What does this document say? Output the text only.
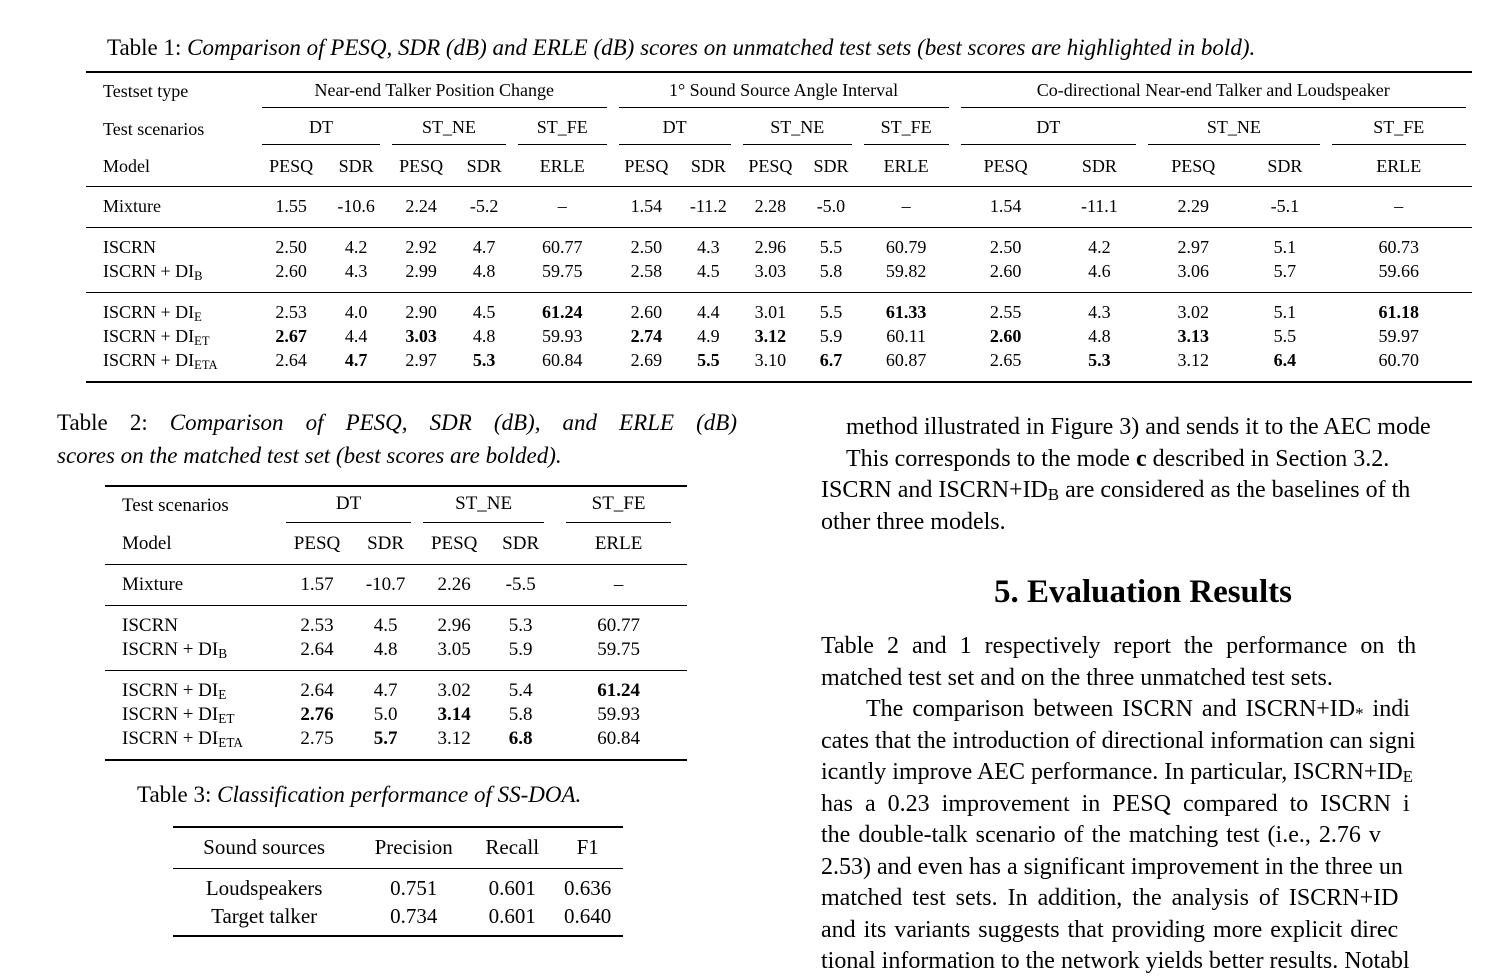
Table 1: Comparison of PESQ, SDR (dB) and ERLE (dB) scores on unmatched test sets (best scores are highlighted in bold).
Testset type	Near-end Talker Position Change					1° Sound Source Angle Interval					Co-directional Near-end Talker and Loudspeaker				

Test scenarios	DT		ST_NE		ST_FE	DT		ST_NE		ST_FE	DT		ST_NE		ST_FE

Model	PESQ	SDR	PESQ	SDR	ERLE	PESQ	SDR	PESQ	SDR	ERLE	PESQ	SDR	PESQ	SDR	ERLE

Mixture	1.55	-10.6	2.24	-5.2	–	1.54	-11.2	2.28	-5.0	–	1.54	-11.1	2.29	-5.1	–

ISCRN	2.50	4.2	2.92	4.7	60.77	2.50	4.3	2.96	5.5	60.79	2.50	4.2	2.97	5.1	60.73
ISCRN + $DI_B$	2.60	4.3	2.99	4.8	59.75	2.58	4.5	3.03	5.8	59.82	2.60	4.6	3.06	5.7	59.66

ISCRN + $DI_E$	2.53	4.0	2.90	4.5	61.24	2.60	4.4	3.01	5.5	61.33	2.55	4.3	3.02	5.1	61.18
ISCRN + $DI_{ET}$	2.67	4.4	3.03	4.8	59.93	2.74	4.9	3.12	5.9	60.11	2.60	4.8	3.13	5.5	59.97
ISCRN + $DI_{ETA}$	2.64	4.7	2.97	5.3	60.84	2.69	5.5	3.10	6.7	60.87	2.65	5.3	3.12	6.4	60.70

Table 2: Comparison of PESQ, SDR (dB), and ERLE (dB)
scores on the matched test set (best scores are bolded).
Test scenarios	DT		ST_NE		ST_FE

Model	PESQ	SDR	PESQ	SDR	ERLE

Mixture	1.57	-10.7	2.26	-5.5	–

ISCRN	2.53	4.5	2.96	5.3	60.77
ISCRN + $DI_B$	2.64	4.8	3.05	5.9	59.75

ISCRN + $DI_E$	2.64	4.7	3.02	5.4	61.24
ISCRN + $DI_{ET}$	2.76	5.0	3.14	5.8	59.93
ISCRN + $DI_{ETA}$	2.75	5.7	3.12	6.8	60.84

Table 3: Classification performance of SS-DOA.
Sound sources	Precision	Recall	F1

Loudspeakers	0.751	0.601	0.636
Target talker	0.734	0.601	0.640

method illustrated in Figure 3) and sends it to the AEC mode
This corresponds to the mode c described in Section 3.2.
ISCRN and $ISCRN+ID_B$ are considered as the baselines of th
other three models.
5. Evaluation Results
Table 2 and 1 respectively report the performance on th
matched test set and on the three unmatched test sets.
The comparison between ISCRN and $ISCRN+ID_*$ indi
cates that the introduction of directional information can signi
icantly improve AEC performance. In particular, $ISCRN+ID_E$
has a 0.23 improvement in PESQ compared to ISCRN i
the double-talk scenario of the matching test (i.e., 2.76 v
2.53) and even has a significant improvement in the three un
matched test sets. In addition, the analysis of ISCRN+ID
and its variants suggests that providing more explicit direc
tional information to the network yields better results. Notabl
